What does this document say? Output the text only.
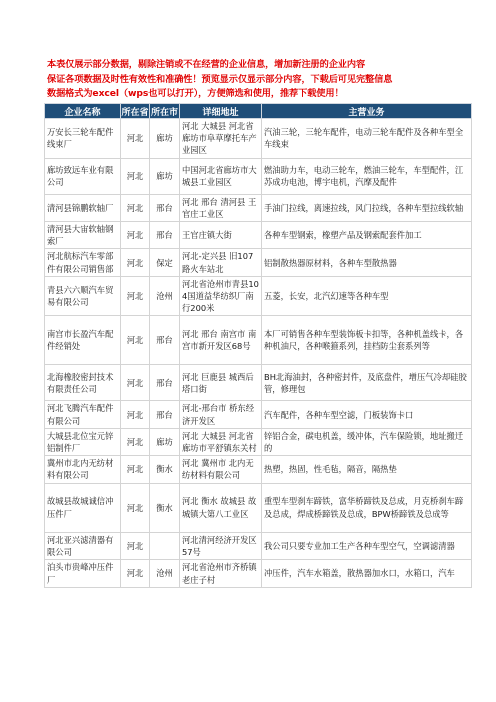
本表仅展示部分数据，剔除注销或不在经营的企业信息，增加新注册的企业内容
保证各项数据及时性有效性和准确性！预览显示仅显示部分内容，下载后可见完整信息
数据格式为excel（wps也可以打开），方便筛选和使用，推荐下载使用！
企业名称	所在省	所在市	详细地址	主营业务
万安长三轮车配件线束厂	河北	廊坊	河北 大城县 河北省廊坊市阜草摩托车产业园区	汽油三轮，三轮车配件，电动三轮车配件及各种车型全车线束
廊坊致远车业有限公司	河北	廊坊	中国河北省廊坊市大城县工业园区	燃油助力车，电动三轮车，燃油三轮车，车型配件，江苏成功电池，博宇电机，汽摩及配件
清河县锦鹏软轴厂	河北	邢台	河北 邢台 清河县 王官庄工业区	手油门拉线，离速拉线，风门拉线，各种车型拉线软轴
清河县大宙软轴钢索厂	河北	邢台	王官庄镇大街	各种车型钢索，橡塑产品及钢索配套件加工
河北航标汽车零部件有限公司销售部	河北	保定	河北-定兴县 旧107路火车站北	铝制散热器原材料，各种车型散热器
青县六六顺汽车贸易有限公司	河北	沧州	河北省沧州市青县104国道益华纺织厂南行200米	五菱，长安，北汽幻速等各种车型
南宫市长盈汽车配件经销处	河北	邢台	河北 邢台 南宫市 南宫市新开发区68号	本厂可销售各种车型装饰板卡扣等，各种机盖线卡，各种机油尺，各种喉箍系列，挂档防尘套系列等
北海橡胶密封技术有限责任公司	河北	邢台	河北 巨鹿县 城西后塔口街	BH北海油封，各种密封件，及底盘件，增压气冷却硅胶管，修理包
河北飞腾汽车配件有限公司	河北	邢台	河北-邢台市 桥东经济开发区	汽车配件，各种车型空滤，门板装饰卡口
大城县北位宝元锌铝制件厂	河北	廊坊	河北 大城县 河北省廊坊市平舒镇东关村	锌铝合金，碳电机盖，缓冲体，汽车保险锁，地址搬迁的
冀州市北内无纺材料有限公司	河北	衡水	河北 冀州市 北内无纺材料有限公司	热塑，热固，性毛毡，隔音，隔热垫
故城县故城诚信冲压件厂	河北	衡水	河北 衡水 故城县 故城镇大第八工业区	重型车型刹车蹄铁，富华桥蹄铁及总成，月克桥刹车蹄及总成，焊成桥蹄铁及总成，BPW桥蹄铁及总成等
河北亚兴滤清器有限公司	河北		河北清河经济开发区57号	我公司只要专业加工生产各种车型空气，空调滤清器
泊头市贵峰冲压件厂	河北	沧州	河北省沧州市齐桥镇老庄子村	冲压件，汽车水箱盖，散热器加水口，水箱口，汽车
